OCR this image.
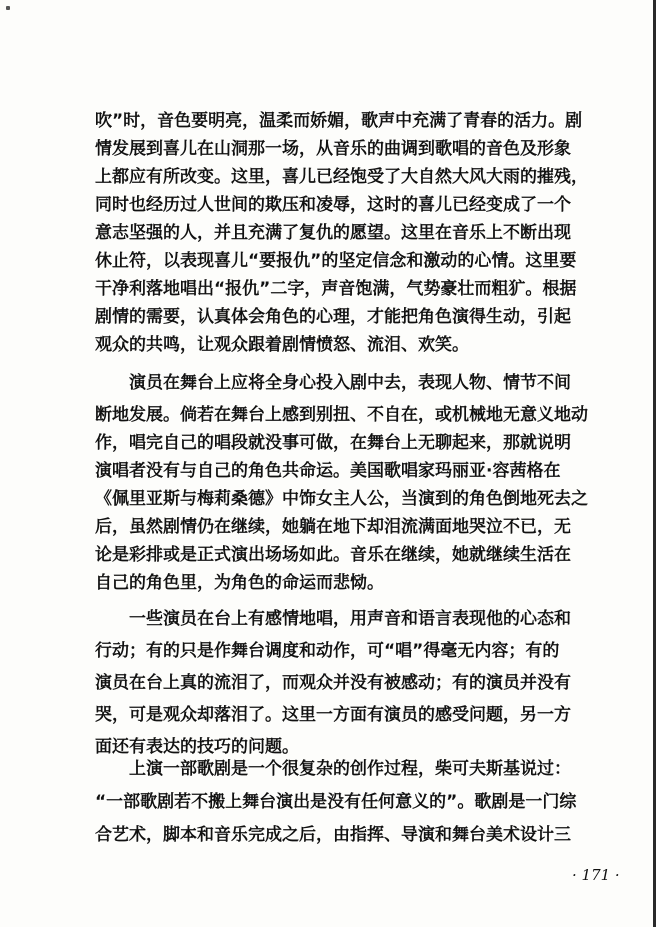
吹”时，音色要明亮，温柔而娇媚，歌声中充满了青春的活力。剧
情发展到喜儿在山洞那一场，从音乐的曲调到歌唱的音色及形象
上都应有所改变。这里，喜儿已经饱受了大自然大风大雨的摧残，
同时也经历过人世间的欺压和凌辱，这时的喜儿已经变成了一个
意志坚强的人，并且充满了复仇的愿望。这里在音乐上不断出现
休止符，以表现喜儿“要报仇”的坚定信念和激动的心情。这里要
干净利落地唱出“报仇”二字，声音饱满，气势豪壮而粗犷。根据
剧情的需要，认真体会角色的心理，才能把角色演得生动，引起
观众的共鸣，让观众跟着剧情愤怒、流泪、欢笑。
演员在舞台上应将全身心投入剧中去，表现人物、情节不间
断地发展。倘若在舞台上感到别扭、不自在，或机械地无意义地动
作，唱完自己的唱段就没事可做，在舞台上无聊起来，那就说明
演唱者没有与自己的角色共命运。美国歌唱家玛丽亚·容茜格在
《佩里亚斯与梅莉桑德》中饰女主人公，当演到的角色倒地死去之
后，虽然剧情仍在继续，她躺在地下却泪流满面地哭泣不已，无
论是彩排或是正式演出场场如此。音乐在继续，她就继续生活在
自己的角色里，为角色的命运而悲恸。
一些演员在台上有感情地唱，用声音和语言表现他的心态和
行动；有的只是作舞台调度和动作，可“唱”得毫无内容；有的
演员在台上真的流泪了，而观众并没有被感动；有的演员并没有
哭，可是观众却落泪了。这里一方面有演员的感受问题，另一方
面还有表达的技巧的问题。
上演一部歌剧是一个很复杂的创作过程，柴可夫斯基说过：
“一部歌剧若不搬上舞台演出是没有任何意义的”。歌剧是一门综
· 171 ·
合艺术，脚本和音乐完成之后，由指挥、导演和舞台美术设计三
